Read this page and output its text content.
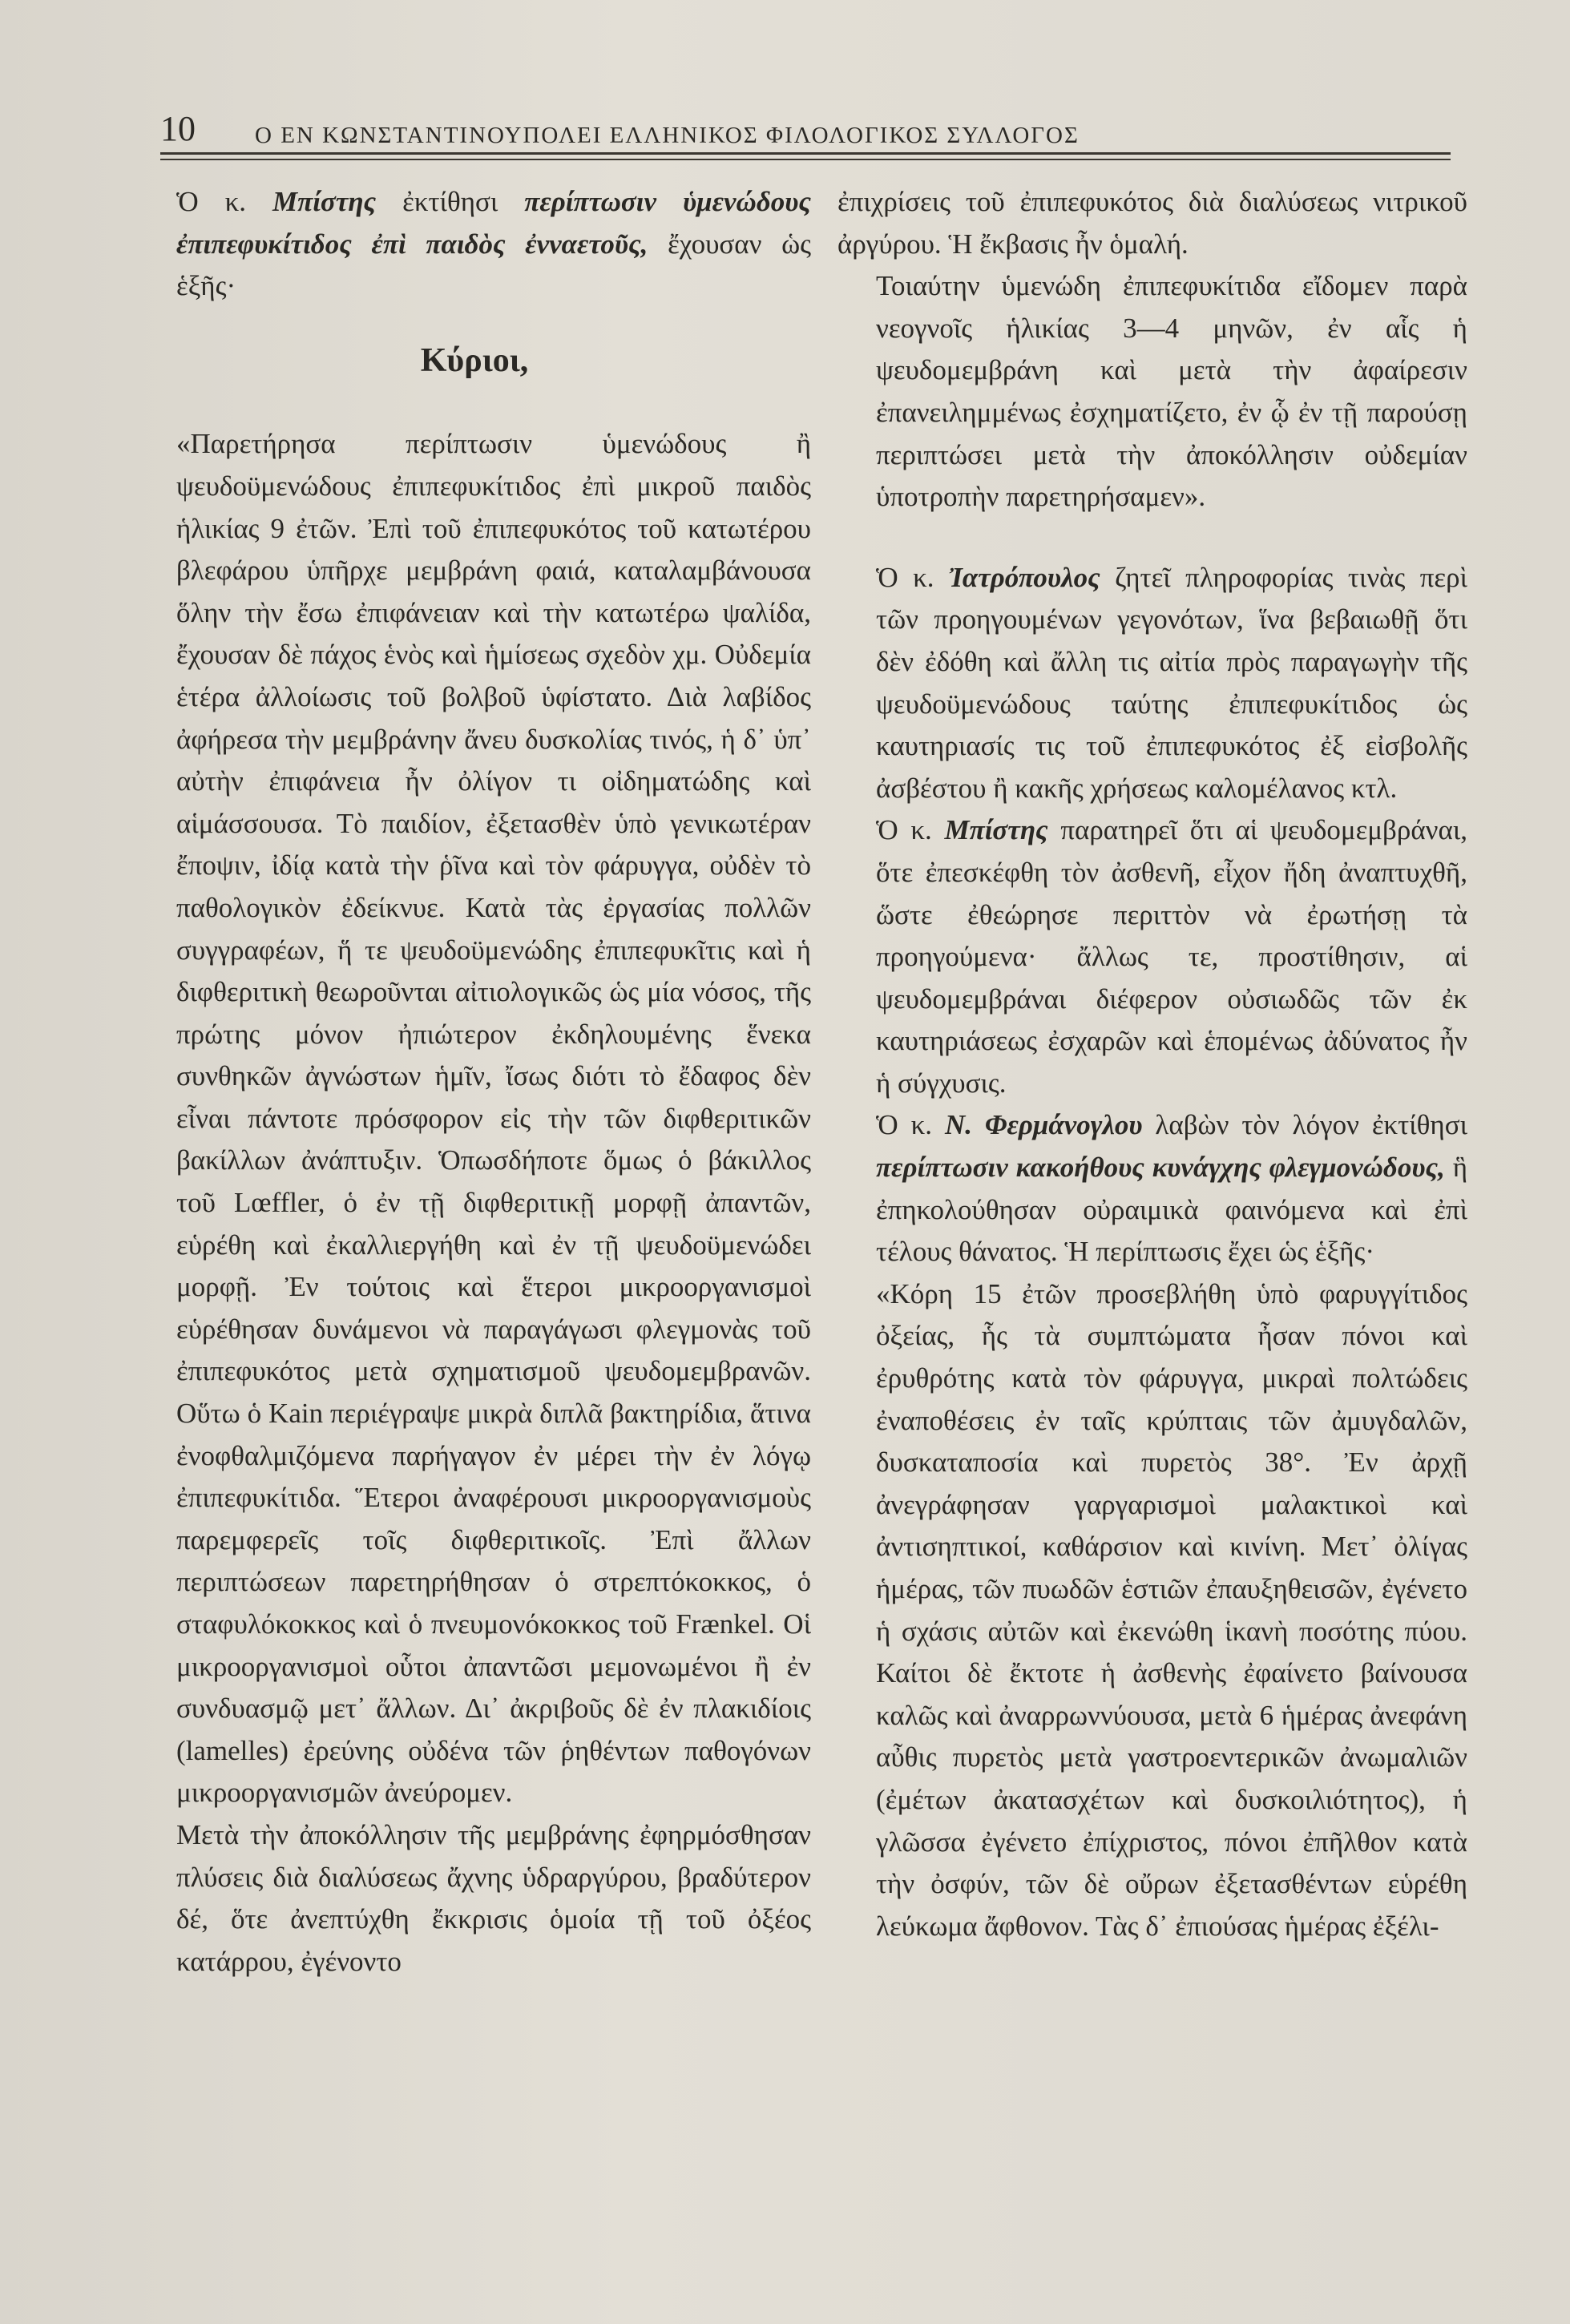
10	Ο ΕΝ ΚΩΝΣΤΑΝΤΙΝΟΥΠΟΛΕΙ ΕΛΛΗΝΙΚΟΣ ΦΙΛΟΛΟΓΙΚΟΣ ΣΥΛΛΟΓΟΣ

Ὁ κ. Μπίστης ἐκτίθησι περίπτωσιν ὑμενώδους ἐπιπεφυκίτιδος ἐπὶ παιδὸς ἐνναετοῦς, ἔχουσαν ὡς ἑξῆς·

Κύριοι,

«Παρετήρησα περίπτωσιν ὑμενώδους ἢ ψευδοϋμενώδους ἐπιπεφυκίτιδος ἐπὶ μικροῦ παιδὸς ἡλικίας 9 ἐτῶν. Ἐπὶ τοῦ ἐπιπεφυκότος τοῦ κατωτέρου βλεφάρου ὑπῆρχε μεμβράνη φαιά, καταλαμβάνουσα ὅλην τὴν ἔσω ἐπιφάνειαν καὶ τὴν κατωτέρω ψαλίδα, ἔχουσαν δὲ πάχος ἑνὸς καὶ ἡμίσεως σχεδὸν χμ. Οὐδεμία ἑτέρα ἀλλοίωσις τοῦ βολβοῦ ὑφίστατο. Διὰ λαβίδος ἀφήρεσα τὴν μεμβράνην ἄνευ δυσκολίας τινός, ἡ δ᾽ ὑπ᾽ αὐτὴν ἐπιφάνεια ἦν ὀλίγον τι οἰδηματώδης καὶ αἱμάσσουσα. Τὸ παιδίον, ἐξετασθὲν ὑπὸ γενικωτέραν ἔποψιν, ἰδίᾳ κατὰ τὴν ῥῖνα καὶ τὸν φάρυγγα, οὐδὲν τὸ παθολογικὸν ἐδείκνυε. Κατὰ τὰς ἐργασίας πολλῶν συγγραφέων, ἥ τε ψευδοϋμενώδης ἐπιπεφυκῖτις καὶ ἡ διφθεριτικὴ θεωροῦνται αἰτιολογικῶς ὡς μία νόσος, τῆς πρώτης μόνον ἠπιώτερον ἐκδηλουμένης ἕνεκα συνθηκῶν ἀγνώστων ἡμῖν, ἴσως διότι τὸ ἔδαφος δὲν εἶναι πάντοτε πρόσφορον εἰς τὴν τῶν διφθεριτικῶν βακίλλων ἀνάπτυξιν. Ὁπωσδήποτε ὅμως ὁ βάκιλλος τοῦ Lœffler, ὁ ἐν τῇ διφθεριτικῇ μορφῇ ἀπαντῶν, εὑρέθη καὶ ἐκαλλιεργήθη καὶ ἐν τῇ ψευδοϋμενώδει μορφῇ. Ἐν τούτοις καὶ ἕτεροι μικροοργανισμοὶ εὑρέθησαν δυνάμενοι νὰ παραγάγωσι φλεγμονὰς τοῦ ἐπιπεφυκότος μετὰ σχηματισμοῦ ψευδομεμβρανῶν. Οὕτω ὁ Kain περιέγραψε μικρὰ διπλᾶ βακτηρίδια, ἅτινα ἐνοφθαλμιζόμενα παρήγαγον ἐν μέρει τὴν ἐν λόγῳ ἐπιπεφυκίτιδα. Ἕτεροι ἀναφέρουσι μικροοργανισμοὺς παρεμφερεῖς τοῖς διφθεριτικοῖς. Ἐπὶ ἄλλων περιπτώσεων παρετηρήθησαν ὁ στρεπτόκοκκος, ὁ σταφυλόκοκκος καὶ ὁ πνευμονόκοκκος τοῦ Frænkel. Οἱ μικροοργανισμοὶ οὗτοι ἀπαντῶσι μεμονωμένοι ἢ ἐν συνδυασμῷ μετ᾽ ἄλλων. Δι᾽ ἀκριβοῦς δὲ ἐν πλακιδίοις (lamelles) ἐρεύνης οὐδένα τῶν ῥηθέντων παθογόνων μικροοργανισμῶν ἀνεύρομεν.

Μετὰ τὴν ἀποκόλλησιν τῆς μεμβράνης ἐφηρμόσθησαν πλύσεις διὰ διαλύσεως ἄχνης ὑδραργύρου, βραδύτερον δέ, ὅτε ἀνεπτύχθη ἔκκρισις ὁμοία τῇ τοῦ ὀξέος κατάρρου, ἐγένοντο

ἐπιχρίσεις τοῦ ἐπιπεφυκότος διὰ διαλύσεως νιτρικοῦ ἀργύρου. Ἡ ἔκβασις ἦν ὁμαλή.

Τοιαύτην ὑμενώδη ἐπιπεφυκίτιδα εἴδομεν παρὰ νεογνοῖς ἡλικίας 3—4 μηνῶν, ἐν αἷς ἡ ψευδομεμβράνη καὶ μετὰ τὴν ἀφαίρεσιν ἐπανειλημμένως ἐσχηματίζετο, ἐν ᾧ ἐν τῇ παρούσῃ περιπτώσει μετὰ τὴν ἀποκόλλησιν οὐδεμίαν ὑποτροπὴν παρετηρήσαμεν».

Ὁ κ. Ἰατρόπουλος ζητεῖ πληροφορίας τινὰς περὶ τῶν προηγουμένων γεγονότων, ἵνα βεβαιωθῇ ὅτι δὲν ἐδόθη καὶ ἄλλη τις αἰτία πρὸς παραγωγὴν τῆς ψευδοϋμενώδους ταύτης ἐπιπεφυκίτιδος ὡς καυτηριασίς τις τοῦ ἐπιπεφυκότος ἐξ εἰσβολῆς ἀσβέστου ἢ κακῆς χρήσεως καλομέλανος κτλ.

Ὁ κ. Μπίστης παρατηρεῖ ὅτι αἱ ψευδομεμβράναι, ὅτε ἐπεσκέφθη τὸν ἀσθενῆ, εἶχον ἤδη ἀναπτυχθῆ, ὥστε ἐθεώρησε περιττὸν νὰ ἐρωτήσῃ τὰ προηγούμενα· ἄλλως τε, προστίθησιν, αἱ ψευδομεμβράναι διέφερον οὐσιωδῶς τῶν ἐκ καυτηριάσεως ἐσχαρῶν καὶ ἑπομένως ἀδύνατος ἦν ἡ σύγχυσις.

Ὁ κ. Ν. Φερμάνογλου λαβὼν τὸν λόγον ἐκτίθησι περίπτωσιν κακοήθους κυνάγχης φλεγμονώδους, ἣ ἐπηκολούθησαν οὐραιμικὰ φαινόμενα καὶ ἐπὶ τέλους θάνατος. Ἡ περίπτωσις ἔχει ὡς ἑξῆς·

«Κόρη 15 ἐτῶν προσεβλήθη ὑπὸ φαρυγγίτιδος ὀξείας, ἧς τὰ συμπτώματα ἦσαν πόνοι καὶ ἐρυθρότης κατὰ τὸν φάρυγγα, μικραὶ πολτώδεις ἐναποθέσεις ἐν ταῖς κρύπταις τῶν ἀμυγδαλῶν, δυσκαταποσία καὶ πυρετὸς 38°. Ἐν ἀρχῇ ἀνεγράφησαν γαργαρισμοὶ μαλακτικοὶ καὶ ἀντισηπτικοί, καθάρσιον καὶ κινίνη. Μετ᾽ ὀλίγας ἡμέρας, τῶν πυωδῶν ἑστιῶν ἐπαυξηθεισῶν, ἐγένετο ἡ σχάσις αὐτῶν καὶ ἐκενώθη ἱκανὴ ποσότης πύου. Καίτοι δὲ ἔκτοτε ἡ ἀσθενὴς ἐφαίνετο βαίνουσα καλῶς καὶ ἀναρρωννύουσα, μετὰ 6 ἡμέρας ἀνεφάνη αὖθις πυρετὸς μετὰ γαστροεντερικῶν ἀνωμαλιῶν (ἐμέτων ἀκατασχέτων καὶ δυσκοιλιότητος), ἡ γλῶσσα ἐγένετο ἐπίχριστος, πόνοι ἐπῆλθον κατὰ τὴν ὀσφύν, τῶν δὲ οὔρων ἐξετασθέντων εὑρέθη λεύκωμα ἄφθονον. Τὰς δ᾽ ἐπιούσας ἡμέρας ἐξέλι-
